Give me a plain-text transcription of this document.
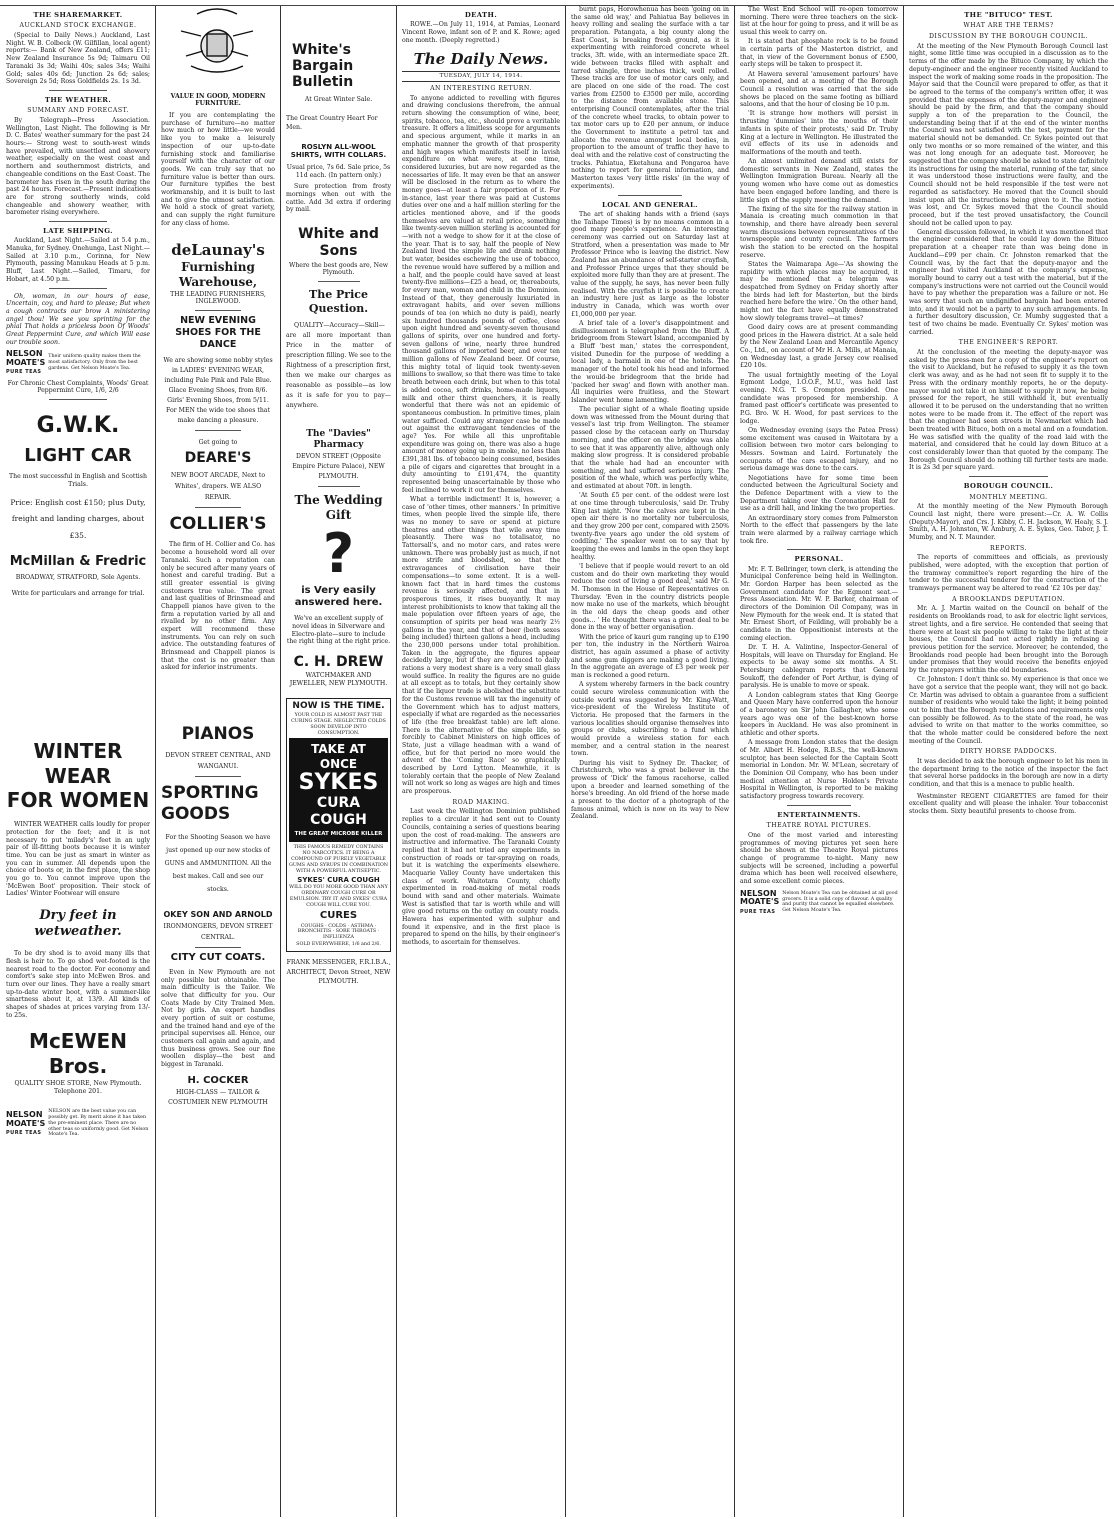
THE SHAREMARKET.
AUCKLAND STOCK EXCHANGE.

(Special to Daily News.) Auckland, Last Night. W. B. Colbeck (W. Gilfillan, local agent) reports:— Bank of New Zealand, offers £11; New Zealand Insurance 5s 9d; Taimaru Oil Taranaki 3s 3d; Waihi 40s; sales 34s; Waihi Gold; sales 40s 6d; Junction 2s 6d; sales; Sovereign 2s 5d; Ross Goldfields 2s. 1s 3d.

THE WEATHER.
SUMMARY AND FORECAST.

By Telegraph—Press Association. Wellington, Last Night. The following is Mr D. C. Bates' weather summary for the past 24 hours:— Strong west to south-west winds have prevailed, with unsettled and showery weather, especially on the west coast and northern and southernmost districts, and changeable conditions on the East Coast. The barometer has risen in the south during the past 24 hours. Forecast.—Present indications are for strong southerly winds, cold changeable and showery weather, with barometer rising everywhere.

LATE SHIPPING.

Auckland, Last Night.—Sailed at 5.4 p.m., Manuka, for Sydney. Onehunga, Last Night.—Sailed at 3.10 p.m., Corinna, for New Plymouth, passing Manukau Heads at 5 p.m. Bluff, Last Night.—Sailed, Timaru, for Hobart, at 4.50 p.m.

Oh, woman, in our hours of ease, Uncertain, coy, and hard to please; But when a cough contracts our brow A ministering angel thou! We see you sprinting for the phial That holds a priceless boon Of Woods' Great Peppermint Cure, and which Will ease our trouble soon.

NELSON
MOATE'S
PURE TEAS
Their uniform quality makes them the most satisfactory. Only from the best gardens. Get Nelson Moate's Tea.

For Chronic Chest Complaints, Woods' Great Peppermint Cure, 1/6, 2/6

G.W.K.
LIGHT CAR

The most successful in English and Scottish Trials.

Price: English cost £150; plus Duty, freight and landing charges, about £35.

McMillan & Fredric

BROADWAY, STRATFORD, Sole Agents.

Write for particulars and arrange for trial.

WINTER WEAR
FOR WOMEN

WINTER WEATHER calls loudly for proper protection for the feet; and it is not necessary to put 'milady's' feet in an ugly pair of ill-fitting boots because it is winter time. You can be just as smart in winter as you can in summer. All depends upon the choice of boots or, in the first place, the shop you go to. You cannot improve upon the 'McEwen Boot' proposition. Their stock of Ladies' Winter Footwear will ensure

Dry feet in wetweather.

To be dry shod is to avoid many ills that flesh is heir to. To go shod wet-footed is the nearest road to the doctor. For economy and comfort's sake step into McEwen Bros. and turn over our lines. They have a really smart up-to-date winter boot, with a summer-like smartness about it, at 13/9. All kinds of shapes of shades at prices varying from 13/- to 25s.

McEWEN Bros.

QUALITY SHOE STORE, New Plymouth. Telephone 201.

NELSON
MOATE'S
PURE TEAS
NELSON are the best value you can possibly get. By merit alone it has taken the pre-eminent place. There are no other teas so uniformly good. Get Nelson Moate's Tea.

VALUE IN GOOD, MODERN FURNITURE.

If you are contemplating the purchase of furniture—no matter how much or how little—we would like you to make a leisurely inspection of our up-to-date furnishing stock and familiarise yourself with the character of our goods. We can truly say that no furniture value is better than ours. Our furniture typifies the best workmanship, and it is built to last and to give the utmost satisfaction. We hold a stock of great variety, and can supply the right furniture for any class of home.

deLaunay's
Furnishing Warehouse,

THE LEADING FURNISHERS, INGLEWOOD.

NEW EVENING SHOES FOR THE DANCE

We are showing some nobby styles in LADIES' EVENING WEAR, including Pale Pink and Pale Blue. Glace Evening Shoes, from 8/6. Girls' Evening Shoes, from 5/11. For MEN the wide toe shoes that make dancing a pleasure.

Get going to

DEARE'S

NEW BOOT ARCADE, Next to Whites', drapers. WE ALSO REPAIR.

COLLIER'S

The firm of H. Collier and Co. has become a household word all over Taranaki. Such a reputation can only be secured after many years of honest and careful trading. But a still greater essential is giving customers true value. The great and last qualities of Brinsmead and Chappell pianos have given to the firm a reputation varied by all and rivalled by no other firm. Any expert will recommend these instruments. You can rely on such advice. The outstanding features of Brinsmead and Chappell pianos is that the cost is no greater than asked for inferior instruments.

PIANOS

DEVON STREET CENTRAL, AND WANGANUI.

SPORTING GOODS

For the Shooting Season we have just opened up our new stocks of GUNS and AMMUNITION. All the best makes. Call and see our stocks.

OKEY SON AND ARNOLD

IRONMONGERS, DEVON STREET CENTRAL.

CITY CUT COATS.

Even in New Plymouth are not only possible but obtainable. The main difficulty is the Tailor. We solve that difficulty for you. Our Coats Made by City Trained Men. Not by girls. An expert handles every portion of suit or costume, and the trained hand and eye of the principal supervises all. Hence, our customers call again and again, and thus business grows. See our fine woollen display—the best and biggest in Taranaki.

H. COCKER

HIGH-CLASS — TAILOR & COSTUMIER NEW PLYMOUTH

White's Bargain Bulletin

At Great Winter Sale.

The Great Country Heart For Men.

ROSLYN ALL-WOOL SHIRTS, WITH COLLARS.

Usual price, 7s 6d. Sale price, 5s 11d each. (In pattern only.)

Sure protection from frosty mornings when out with the cattle. Add 3d extra if ordering by mail.

White and Sons

Where the best goods are, New Plymouth.

The Price Question.

QUALITY—Accuracy—Skill—are all more important than Price in the matter of prescription filling. We see to the Rightness of a prescription first, then we make our charges as reasonable as possible—as low as it is safe for you to pay—anywhere.

The "Davies" Pharmacy

DEVON STREET (Opposite Empire Picture Palace), NEW PLYMOUTH.

The Wedding Gift
?
is Very easily answered here.

We've an excellent supply of novel ideas in Silverware and Electro-plate—sure to include the right thing at the right price.

C. H. DREW

WATCHMAKER AND JEWELLER, NEW PLYMOUTH.

NOW IS THE TIME.

YOUR COLD IS ALMOST PAST THE CURING STAGE. NEGLECTED COLDS SOON DEVELOP INTO CONSUMPTION.

TAKE AT ONCE
SYKES
CURA COUGH
THE GREAT MICROBE KILLER

THIS FAMOUS REMEDY CONTAINS NO NARCOTICS. IT BEING A COMPOUND OF PURELY VEGETABLE GUMS AND SYRUPS IN COMBINATION WITH A POWERFUL ANTISEPTIC.

SYKES' CURA COUGH

WILL DO YOU MORE GOOD THAN ANY ORDINARY COUGH CURE OR EMULSION. TRY IT AND SYKES' CURA COUGH WILL CURE YOU.

CURES

COUGHS · COLDS · ASTHMA · BRONCHITIS · SORE THROATS · INFLUENZA

SOLD EVERYWHERE, 1/6 and 2/6.

FRANK MESSENGER, F.R.I.B.A., ARCHITECT, Devon Street, NEW PLYMOUTH.

DEATH.

ROWE.—On July 11, 1914, at Pamias, Leonard Vincent Rowe, infant son of P. and K. Rowe; aged one month. (Deeply regretted.)

The Daily News.
TUESDAY, JULY 14, 1914.
AN INTERESTING RETURN.

To anyone addicted to revelling with figures and drawing conclusions therefrom, the annual return showing the consumption of wine, beer, spirits, tobacco, tea, etc., should prove a veritable treasure. It offers a limitless scope for arguments and specious argument, while it marks in an emphatic manner the growth of that prosperity and high wages which manifests itself in lavish expenditure on what were, at one time, considered luxuries, but are now regarded as the necessaries of life. It may even be that an answer will be disclosed in the return as to where the money goes—at least a fair proportion of it. For in-stance, last year there was paid at Customs duties over one and a half million sterling for the articles mentioned above, and if the goods themselves are valued at retail price, something like twenty-seven million sterling is accounted for—with not a wedge to show for it at the close of the year. That is to say, half the people of New Zealand lived the simple life and drank nothing but water, besides eschewing the use of tobacco, the revenue would have suffered by a million and a half, and the people could have saved at least twenty-five millions—£25 a head, or, thereabouts, for every man, woman and child in the Dominion. Instead of that, they generously luxuriated in extravagant habits, and over seven millions pounds of tea (on which no duty is paid), nearly six hundred thousands pounds of coffee, close upon eight hundred and seventy-seven thousand gallons of spirits, over one hundred and forty-seven gallons of wine, nearly three hundred thousand gallons of imported beer, and over ten million gallons of New Zealand beer. Of course, this mighty total of liquid took twenty-seven millions to swallow, so that there was time to take breath between each drink, but when to this total is added cocoa, soft drinks, home-made liquors, milk and other thirst quenchers, it is really wonderful that there was not an epidemic of spontaneous combustion. In primitive times, plain water sufficed. Could any stranger case be made out against the extravagant tendencies of the age? Yes. For while all this unprofitable expenditure was going on, there was also a huge amount of money going up in smoke, no less than £391,381 lbs. of tobacco being consumed, besides a pile of cigars and cigarettes that brought in a duty amounting to £191,474, the quantity represented being unascertainable by those who feel inclined to work it out for themselves.

What a terrible indictment! It is, however, a case of 'other times, other manners.' In primitive times, when people lived the simple life, there was no money to save or spend at picture theatres and other things that wile away time pleasantly. There was no totalisator, no Tattersall's, and no motor cars, and rates were unknown. There was probably just as much, if not more strife and bloodshed, so that the extravagances of civilisation have their compensations—to some extent. It is a well-known fact that in hard times the customs revenue is seriously affected, and that in prosperous times, it rises buoyantly. It may interest prohibitionists to know that taking all the male population over fifteen years of age, the consumption of spirits per head was nearly 2½ gallons in the year, and that of beer (both sexes being included) thirteen gallons a head, including the 230,000 persons under total prohibition. Taken in the aggregate, the figures appear decidedly large, but if they are reduced to daily rations a very modest share is a very small glass would suffice. In reality the figures are no guide at all except as to totals, but they certainly show that if the liquor trade is abolished the substitute for the Customs revenue will tax the ingenuity of the Government which has to adjust matters, especially if what are regarded as the necessaries of life (the free breakfast table) are left alone. There is the alternative of the simple life, so forcibly to Cabinet Ministers on high offices of State, just a village headman with a wand of office, but for that period no more would the advent of the 'Coming Race' so graphically described by Lord Lytton. Meanwhile, it is tolerably certain that the people of New Zealand will not work so long as wages are high and times are prosperous.

ROAD MAKING.

Last week the Wellington Dominion published replies to a circular it had sent out to County Councils, containing a series of questions bearing upon the cost of road-making. The answers are instructive and informative. The Taranaki County replied that it had not tried any experiments in construction of roads or tar-spraying on roads, but it is watching the experiments elsewhere. Macquarie Valley County have undertaken this class of work. Waitotara County, chiefly experimented in road-making of metal roads bound with sand and other materials. Waimate West is satisfied that tar is worth while and will give good returns on the outlay on county roads. Hawera has experimented with sulphur and found it expensive, and in the first place is prepared to spend on the hills, by their engineer's methods, to ascertain for themselves.

burnt paps, Horowhenua has been 'going on in the same old way,' and Pahiatua Bay believes in heavy rolling and sealing the surface with a tar preparation. Patangata, a big county along the East Coast, is breaking fresh ground, as it is experimenting with reinforced concrete wheel tracks, 3ft. wide, with an intermediate space 2ft. wide between tracks filled with asphalt and tarred shingle, three inches thick, well rolled. These tracks are for use of motor cars only, and are placed on one side of the road. The cost varies from £2500 to £3500 per mile, according to the distance from available stone. This enterprising Council contemplates, after the trial of the concrete wheel tracks, to obtain power to tax motor cars up to £20 per annum, or induce the Government to institute a petrol tax and allocate the revenue amongst local bodies, in proportion to the amount of traffic they have to deal with and the relative cost of constructing the tracks. Pahiatua, Eketahuna and Pongaroa have nothing to report for general information, and Masterton taxes 'very little risks' (in the way of experiments).

LOCAL AND GENERAL.

The art of shaking hands with a friend (says the Taihape Times) is by no means common in a good many people's experience. An interesting ceremony was carried out on Saturday last at Stratford, when a presentation was made to Mr Professor Prince who is leaving the district. New Zealand has an abundance of self-starter crayfish, and Professor Prince urges that they should be exploited more fully than they are at present. The value of the supply, he says, has never been fully realised. With the crayfish it is possible to create an industry here just as large as the lobster industry in Canada, which was worth over £1,000,000 per year.

A brief tale of a lover's disappointment and disillusionment is telegraphed from the Bluff. A bridegroom from Stewart Island, accompanied by a Bluff 'best man,' states the correspondent, visited Dunedin for the purpose of wedding a local lady, a barmaid in one of the hotels. The manager of the hotel took his head and informed the would-be bridegroom that the bride had 'packed her swag' and flown with another man. All inquiries were fruitless, and the Stewart Islander went home lamenting.

The peculiar sight of a whale floating upside down was witnessed from the Mount during that vessel's last trip from Wellington. The steamer passed close by the cetacean early on Thursday morning, and the officer on the bridge was able to see that it was apparently alive, although only making slow progress. It is considered probable that the whale had had an encounter with something, and had suffered serious injury. The position of the whale, which was perfectly white, and estimated at about 70ft. in length.

'At South £5 per cent. of the oddest were lost at one time through tuberculosis,' said Dr. Truby King last night. 'Now the calves are kept in the open air there is no mortality nor tuberculosis, and they grow 200 per cent, compared with 250% twenty-five years ago under the old system of coddling.' The speaker went on to say that by keeping the ewes and lambs in the open they kept healthy.

'I believe that if people would revert to an old custom and do their own marketing they would reduce the cost of living a good deal,' said Mr G. M. Thomson in the House of Representatives on Thursday. 'Even in the country districts people now make no use of the markets, which brought in the old days the cheap goods and other goods... ' He thought there was a great deal to be done in the way of better organisation.

With the price of kauri gum ranging up to £190 per ton, the industry in the Northern Wairoa district, has again assumed a phase of activity and some gum diggers are making a good living. In the aggregate an average of £3 per week per man is reckoned a good return.

A system whereby farmers in the back country could secure wireless communication with the outside world was suggested by Mr. King-Watt, vice-president of the Wireless Institute of Victoria. He proposed that the farmers in the various localities should organise themselves into groups or clubs, subscribing to a fund which would provide a wireless station for each member, and a central station in the nearest town.

During his visit to Sydney Dr. Thacker, of Christchurch, who was a great believer in the prowess of 'Dick' the famous racehorse, called upon a breeder and learned something of the horse's breeding. An old friend of the horse made a present to the doctor of a photograph of the famous animal, which is now on its way to New Zealand.

The West End School will re-open tomorrow morning. There were three teachers on the sick-list at the hour for going to press, and it will be as usual this week to carry on.

It is stated that phosphate rock is to be found in certain parts of the Masterton district, and that, in view of the Government bonus of £500, early steps will be taken to prospect it.

At Hawera several 'amusement parlours' have been opened, and at a meeting of the Borough Council a resolution was carried that the side shows be placed on the same footing as billiard saloons, and that the hour of closing be 10 p.m.

'It is strange how mothers will persist in thrusting 'dummies' into the mouths of their infants in spite of their protests,' said Dr. Truby King at a lecture in Wellington. He illustrated the evil effects of its use in adenoids and malformations of the mouth and teeth.

An almost unlimited demand still exists for domestic servants in New Zealand, states the Wellington Immigration Bureau. Nearly all the young women who have come out as domestics have been engaged before landing, and there is little sign of the supply meeting the demand.

The fixing of the site for the railway station in Manaia is creating much commotion in that township, and there have already been several warm discussions between representatives of the townspeople and county council. The farmers wish the station to be erected on the hospital reserve.

States the Waimarapa Age—'As showing the rapidity with which places may be acquired, it may be mentioned that a telegram was despatched from Sydney on Friday shortly after the birds had left for Masterton, but the birds reached here before the wire.' On the other hand, might not the fact have equally demonstrated how slowly telegrams travel—at times?

Good dairy cows are at present commanding good prices in the Hawera district. At a sale held by the New Zealand Loan and Mercantile Agency Co., Ltd., on account of Mr H. A. Mills, at Manaia, on Wednesday last, a grade Jersey cow realised £20 10s.

The usual fortnightly meeting of the Loyal Egmont Lodge, I.O.O.F., M.U., was held last evening. N.G. T. S. Crompton presided. One candidate was proposed for membership. A framed past officer's certificate was presented to P.G. Bro. W. H. Wood, for past services to the lodge.

On Wednesday evening (says the Patea Press) some excitement was caused in Waitotara by a collision between two motor cars belonging to Messrs. Sowman and Laird. Fortunately the occupants of the cars escaped injury, and no serious damage was done to the cars.

Negotiations have for some time been conducted between the Agricultural Society and the Defence Department with a view to the Department taking over the Coronation Hall for use as a drill hall, and linking the two properties.

An extraordinary story comes from Palmerston North to the effect that passengers by the late train were alarmed by a railway carriage which took fire.

PERSONAL.

Mr. F. T. Bellringer, town clerk, is attending the Municipal Conference being held in Wellington. Mr. Gordon Harper has been selected as the Government candidate for the Egmont seat.—Press Association. Mr. W. P. Barker, chairman of directors of the Dominion Oil Company, was in New Plymouth for the week end. It is stated that Mr. Ernest Short, of Feilding, will probably be a candidate in the Oppositionist interests at the coming election.

Dr. T. H. A. Valintine, Inspector-General of Hospitals, will leave on Thursday for England. He expects to be away some six months. A St. Petersburg cablegram reports that General Soukoff, the defender of Port Arthur, is dying of paralysis. He is unable to move or speak.

A London cablegram states that King George and Queen Mary have conferred upon the honour of a baronetcy on Sir John Gallagher, who some years ago was one of the best-known horse keepers in Auckland. He was also prominent in athletic and other sports.

A message from London states that the design of Mr. Albert H. Hodge, R.B.S., the well-known sculptor, has been selected for the Captain Scott memorial in London. Mr. W. M'Lean, secretary of the Dominion Oil Company, who has been under medical attention at Nurse Holden's Private Hospital in Wellington, is reported to be making satisfactory progress towards recovery.

ENTERTAINMENTS.
THEATRE ROYAL PICTURES.

One of the most varied and interesting programmes of moving pictures yet seen here should be shown at the Theatre Royal pictures change of programme to-night. Many new subjects will be screened, including a powerful drama which has been well received elsewhere, and some excellent comic pieces.

NELSON
MOATE'S
PURE TEAS
Nelson Moate's Tea can be obtained at all good grocers. It is a solid copy of flavour. A quality and purity that cannot be equalled elsewhere. Get Nelson Moate's Tea.
THE "BITUCO" TEST.
WHAT ARE THE TERMS?
DISCUSSION BY THE BOROUGH COUNCIL.

At the meeting of the New Plymouth Borough Council last night, some little time was occupied in a discussion as to the terms of the offer made by the Bituco Company, by which the deputy-engineer and the engineer recently visited Auckland to inspect the work of making some roads in the proposition. The Mayor said that the Council were prepared to offer, as that it be agreed to the terms of the company's written offer, it was provided that the expenses of the deputy-mayor and engineer should be paid by the firm, and that the company should supply a ton of the preparation to the Council, the understanding being that if at the end of the winter months the Council was not satisfied with the test, payment for the material should not be demanded. Cr. Sykes pointed out that only two months or so more remained of the winter, and this was not long enough for an adequate test. Moreover, he suggested that the company should be asked to state definitely its instructions for using the material, running of the tar, since it was understood those instructions were faulty, and the Council should not be held responsible if the test were not regarded as satisfactory. He moved that the Council should insist upon all the instructions being given to it. The motion was lost, and Cr. Sykes moved that the Council should proceed, but if the test proved unsatisfactory, the Council should not be called upon to pay.

General discussion followed, in which it was mentioned that the engineer considered that he could lay down the Bituco preparation at a cheaper rate than was being done in Auckland—£99 per chain. Cr. Johnston remarked that the Council was, by the fact that the deputy-mayor and the engineer had visited Auckland at the company's expense, morally bound to carry out a test with the material, but if the company's instructions were not carried out the Council would have to pay whether the preparation was a failure or not. He was sorry that such an undignified bargain had been entered into, and it would not be a party to any such arrangements. In a further desultory discussion, Cr. Mumby suggested that a test of two chains be made. Eventually Cr. Sykes' motion was carried.

THE ENGINEER'S REPORT.

At the conclusion of the meeting the deputy-mayor was asked by the press-men for a copy of the engineer's report on the visit to Auckland, but he refused to supply it as the town clerk was away, and as he had not seen fit to supply it to the Press with the ordinary monthly reports, he or the deputy-mayor would not take it on himself to supply it now, he being pressed for the report, he still withheld it, but eventually allowed it to be perused on the understanding that no written notes were to be made from it. The effect of the report was that the engineer had seen streets in Newmarket which had been treated with Bituco, both on a metal and on a foundation. He was satisfied with the quality of the road laid with the material, and considered that he could lay down Bituco at a cost considerably lower than that quoted by the company. The Borough Council should do nothing till further tests are made. It is 2s 3d per square yard.

BOROUGH COUNCIL.
MONTHLY MEETING.

At the monthly meeting of the New Plymouth Borough Council last night, there were present:—Cr. A. W. Collis (Deputy-Mayor), and Crs. J. Kibby, C. H. Jackson, W. Healy, S. J. Smith, A. H. Johnston, W. Ambury, A. E. Sykes, Geo. Tabor, J. T. Mumby, and N. T. Maunder.

REPORTS.

The reports of committees and officials, as previously published, were adopted, with the exception that portion of the tramway committee's report regarding the hire of the tender to the successful tenderer for the construction of the tramways permanent way be altered to read '£2 10s per day.'

A BROOKLANDS DEPUTATION.

Mr. A. J. Martin waited on the Council on behalf of the residents on Brooklands road, to ask for electric light services, street lights, and a fire service. He contended that seeing that there were at least six people willing to take the light at their houses, the Council had not acted rightly in refusing a previous petition for the service. Moreover, he contended, the Brooklands road people had been brought into the Borough under promises that they would receive the benefits enjoyed by the ratepayers within the old boundaries.

Cr. Johnston: I don't think so. My experience is that once we have got a service that the people want, they will not go back. Cr. Martin was advised to obtain a guarantee from a sufficient number of residents who would take the light; it being pointed out to him that the Borough regulations and requirements only can possibly be followed. As to the state of the road, he was advised to write on that matter to the works committee, so that the whole matter could be considered before the next meeting of the Council.

DIRTY HORSE PADDOCKS.

It was decided to ask the borough engineer to let his men in the department bring to the notice of the inspector the fact that several horse paddocks in the borough are now in a dirty condition, and that this is a menace to public health.

Westminster REGENT CIGARETTES are famed for their excellent quality and will please the inhaler. Your tobacconist stocks them. Sixty beautiful presents to choose from.
